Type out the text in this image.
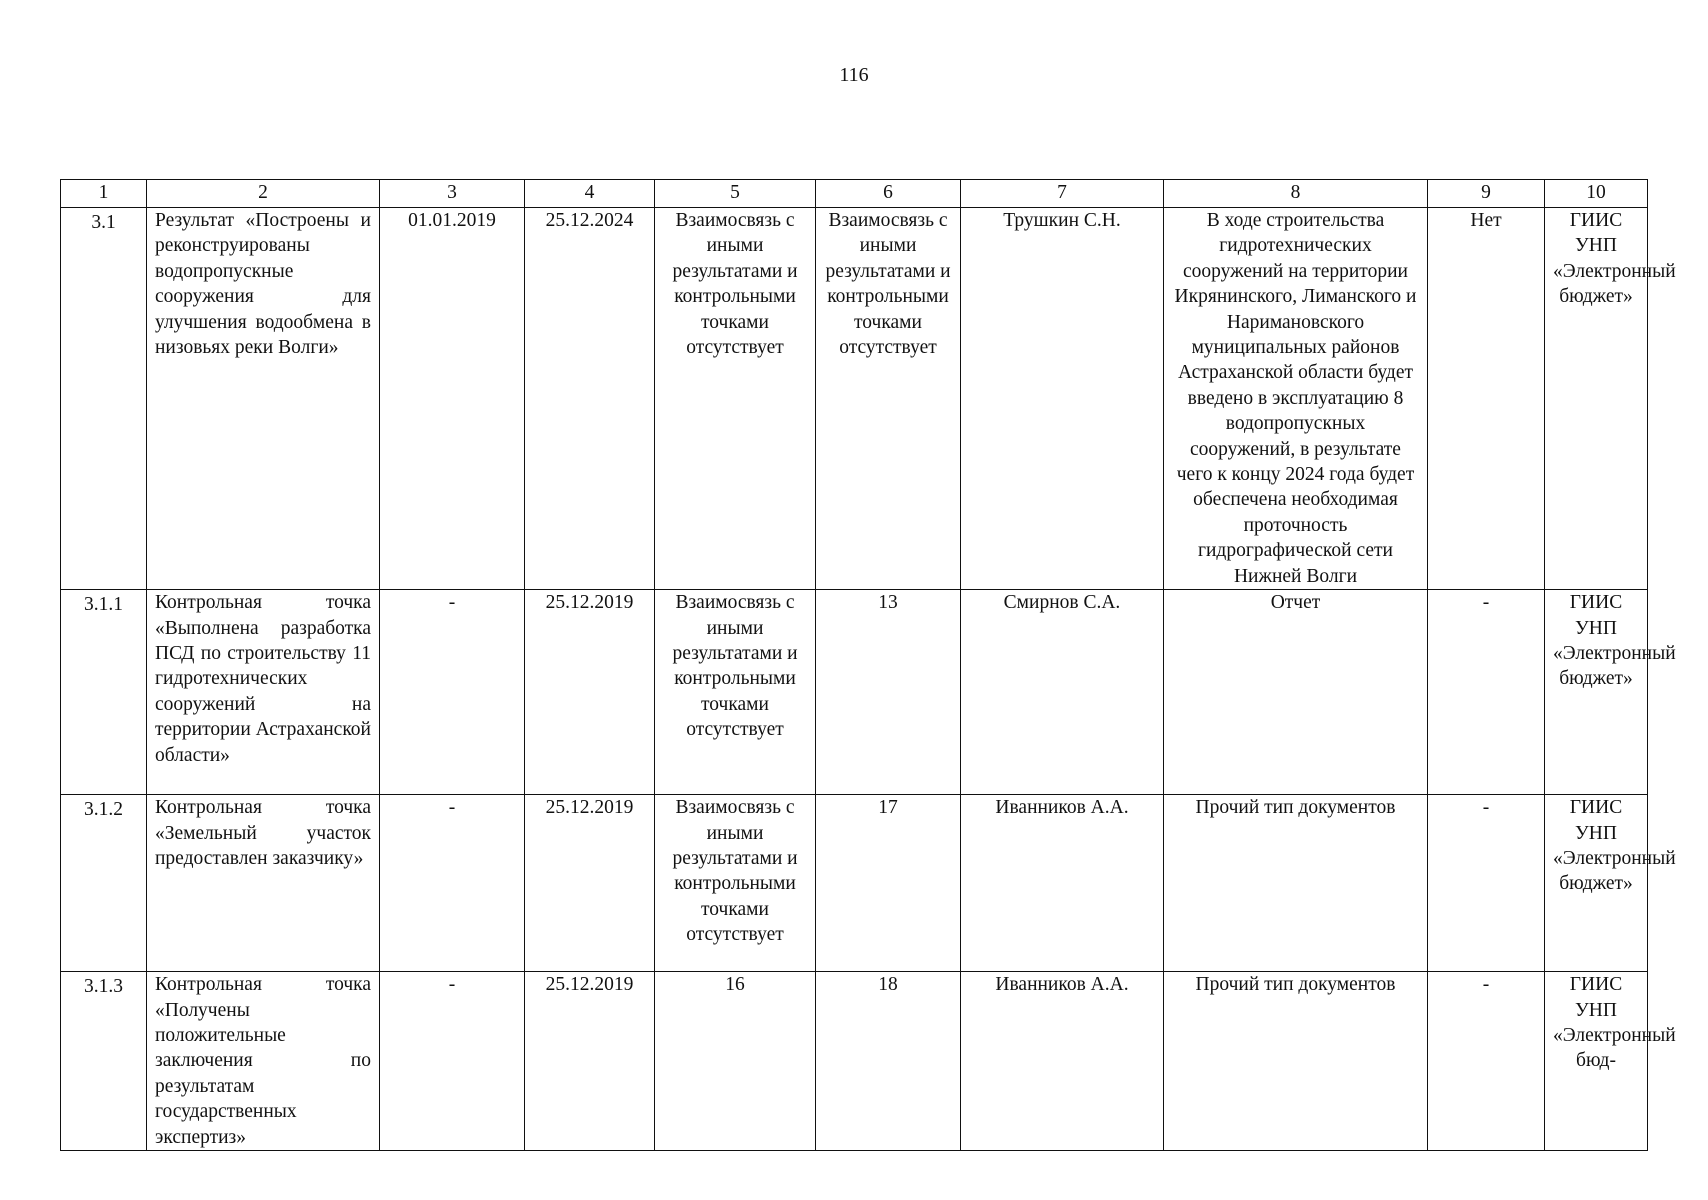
116
1	2	3	4	5	6	7	8	9	10
3.1	Результат «Построены и реконструированы водопропускные сооружения для улучшения водообмена в низовьях реки Волги»	01.01.2019	25.12.2024	Взаимосвязь с иными результатами и контрольными точками отсутствует	Взаимосвязь с иными результатами и контрольными точками отсутствует	Трушкин С.Н.	В ходе строительства гидротехнических сооружений на территории Икрянинского, Лиманского и Наримановского муниципальных районов Астраханской области будет введено в эксплуатацию 8 водопропускных сооружений, в результате чего к концу 2024 года будет обеспечена необходимая проточность гидрографической сети Нижней Волги	Нет	ГИИС УНП «Электронный бюджет»
3.1.1	Контрольная точка «Выполнена разработка ПСД по строительству 11 гидротехнических сооружений на территории Астраханской области»	-	25.12.2019	Взаимосвязь с иными результатами и контрольными точками отсутствует	13	Смирнов С.А.	Отчет	-	ГИИС УНП «Электронный бюджет»
3.1.2	Контрольная точка «Земельный участок предоставлен заказчику»	-	25.12.2019	Взаимосвязь с иными результатами и контрольными точками отсутствует	17	Иванников А.А.	Прочий тип документов	-	ГИИС УНП «Электронный бюджет»
3.1.3	Контрольная точка «Получены положительные заключения по результатам государственных экспертиз»	-	25.12.2019	16	18	Иванников А.А.	Прочий тип документов	-	ГИИС УНП «Электронный бюд-
